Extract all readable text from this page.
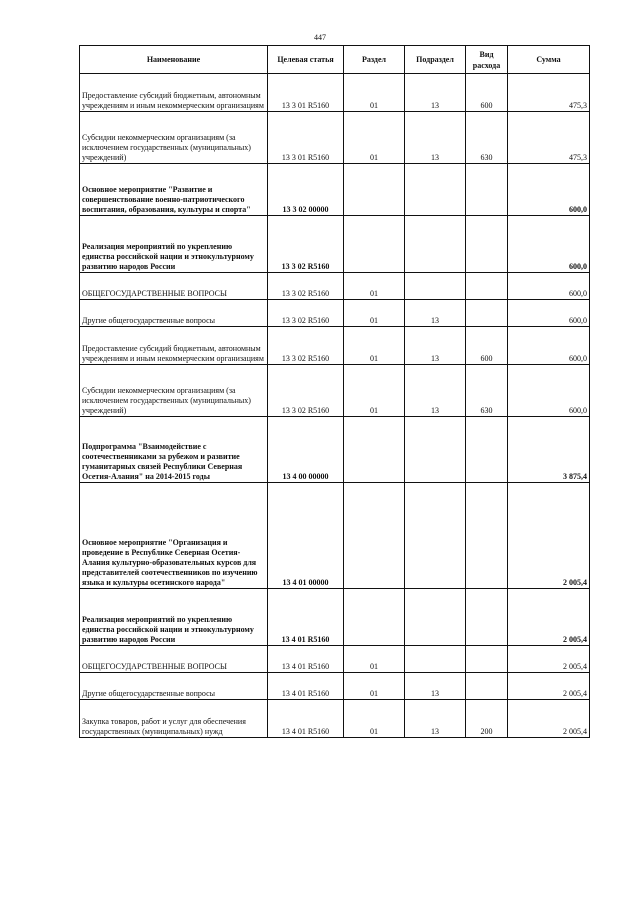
447
Наименование	Целевая статья	Раздел	Подраздел	Вид расхода	Сумма
Предоставление субсидий бюджетным, автономным учреждениям и иным некоммерческим организациям	13 3 01 R5160	01	13	600	475,3
Субсидии некоммерческим организациям (за исключением государственных (муниципальных) учреждений)	13 3 01 R5160	01	13	630	475,3
Основное мероприятие "Развитие и совершенствование военно-патриотического воспитания, образования, культуры и спорта"	13 3 02 00000				600,0
Реализация мероприятий по укреплению единства российской нации и этнокультурному развитию народов России	13 3 02 R5160				600,0
ОБЩЕГОСУДАРСТВЕННЫЕ ВОПРОСЫ	13 3 02 R5160	01			600,0
Другие общегосударственные вопросы	13 3 02 R5160	01	13		600,0
Предоставление субсидий бюджетным, автономным учреждениям и иным некоммерческим организациям	13 3 02 R5160	01	13	600	600,0
Субсидии некоммерческим организациям (за исключением государственных (муниципальных) учреждений)	13 3 02 R5160	01	13	630	600,0
Подпрограмма "Взаимодействие с соотечественниками за рубежом и развитие гуманитарных связей Республики Северная Осетия-Алания" на 2014-2015 годы	13 4 00 00000				3 875,4
Основное мероприятие "Организация и проведение в Республике Северная Осетия-Алания культурно-образовательных курсов для представителей соотечественников по изучению языка и культуры осетинского народа"	13 4 01 00000				2 005,4
Реализация мероприятий по укреплению единства российской нации и этнокультурному развитию народов России	13 4 01 R5160				2 005,4
ОБЩЕГОСУДАРСТВЕННЫЕ ВОПРОСЫ	13 4 01 R5160	01			2 005,4
Другие общегосударственные вопросы	13 4 01 R5160	01	13		2 005,4
Закупка товаров, работ и услуг для обеспечения государственных (муниципальных) нужд	13 4 01 R5160	01	13	200	2 005,4
